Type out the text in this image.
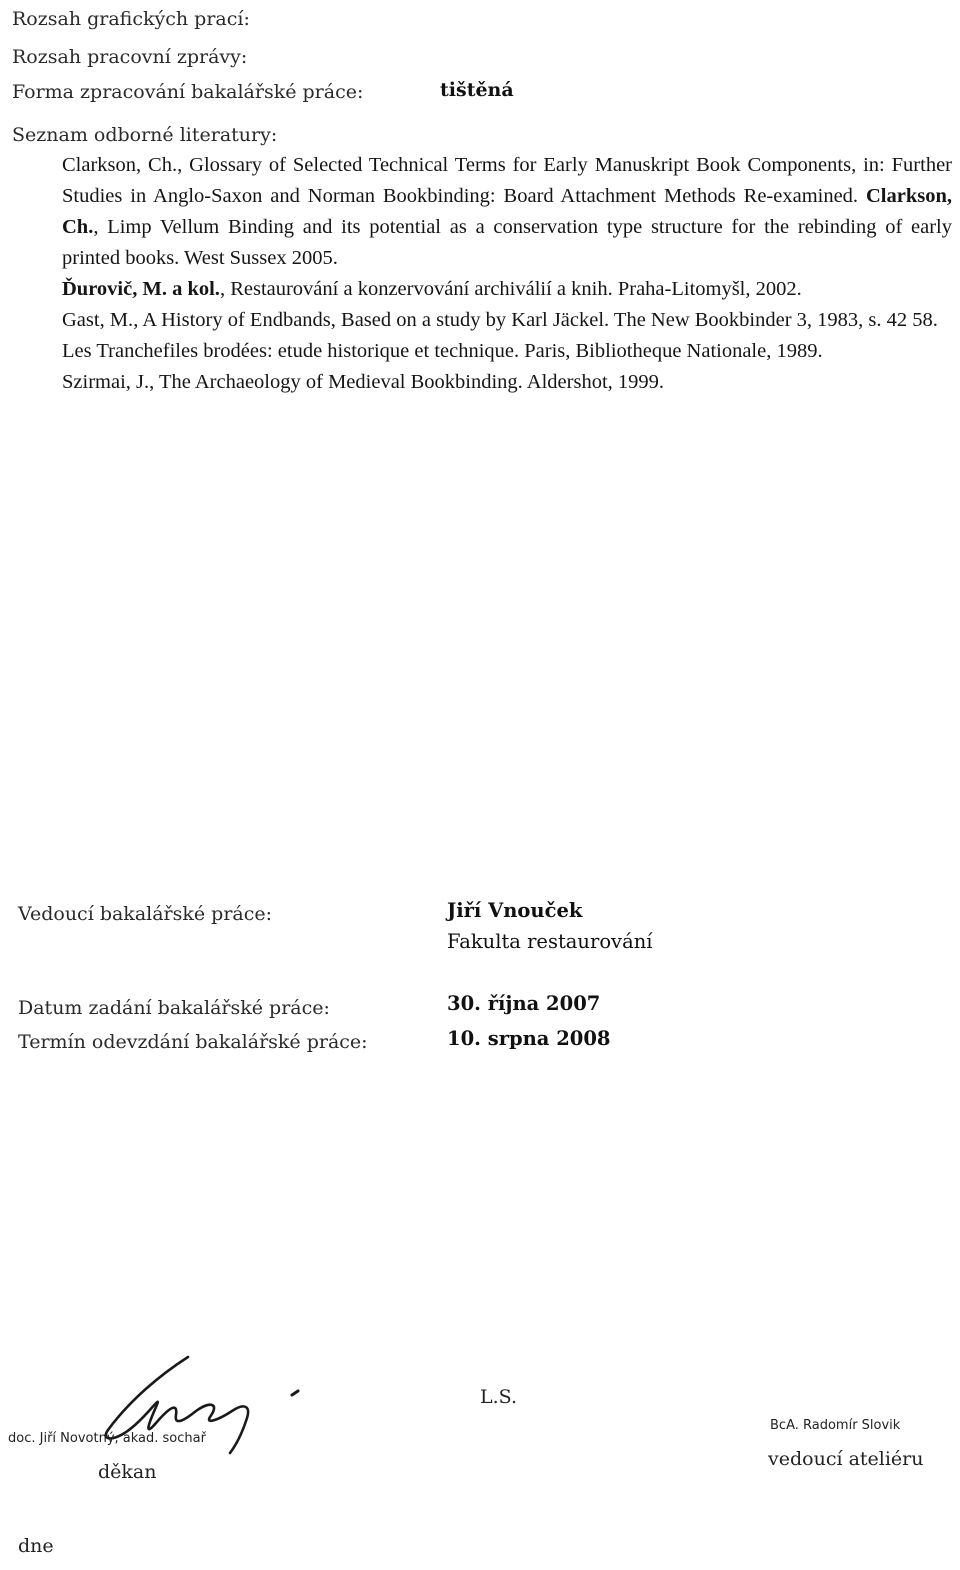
Rozsah grafických prací:
Rozsah pracovní zprávy:
Forma zpracování bakalářské práce:	tištěná
Seznam odborné literatury:

Clarkson, Ch., Glossary of Selected Technical Terms for Early Manuskript Book Components, in: Further Studies in Anglo-Saxon and Norman Bookbinding: Board Attachment Methods Re-examined. Clarkson, Ch., Limp Vellum Binding and its potential as a conservation type structure for the rebinding of early printed books. West Sussex 2005.

Ďurovič, M. a kol., Restaurování a konzervování archiválií a knih. Praha-Litomyšl, 2002.

Gast, M., A History of Endbands, Based on a study by Karl Jäckel. The New Bookbinder 3, 1983, s. 42 58.

Les Tranchefiles brodées: etude historique et technique. Paris, Bibliotheque Nationale, 1989.

Szirmai, J., The Archaeology of Medieval Bookbinding. Aldershot, 1999.

Vedoucí bakalářské práce:	Jiří Vnouček
Fakulta restaurování
Datum zadání bakalářské práce:	30. října 2007
Termín odevzdání bakalářské práce:	10. srpna 2008
doc. Jiří Novotný, akad. sochař
děkan
L.S.
BcA. Radomír Slovik
vedoucí ateliéru
dne
